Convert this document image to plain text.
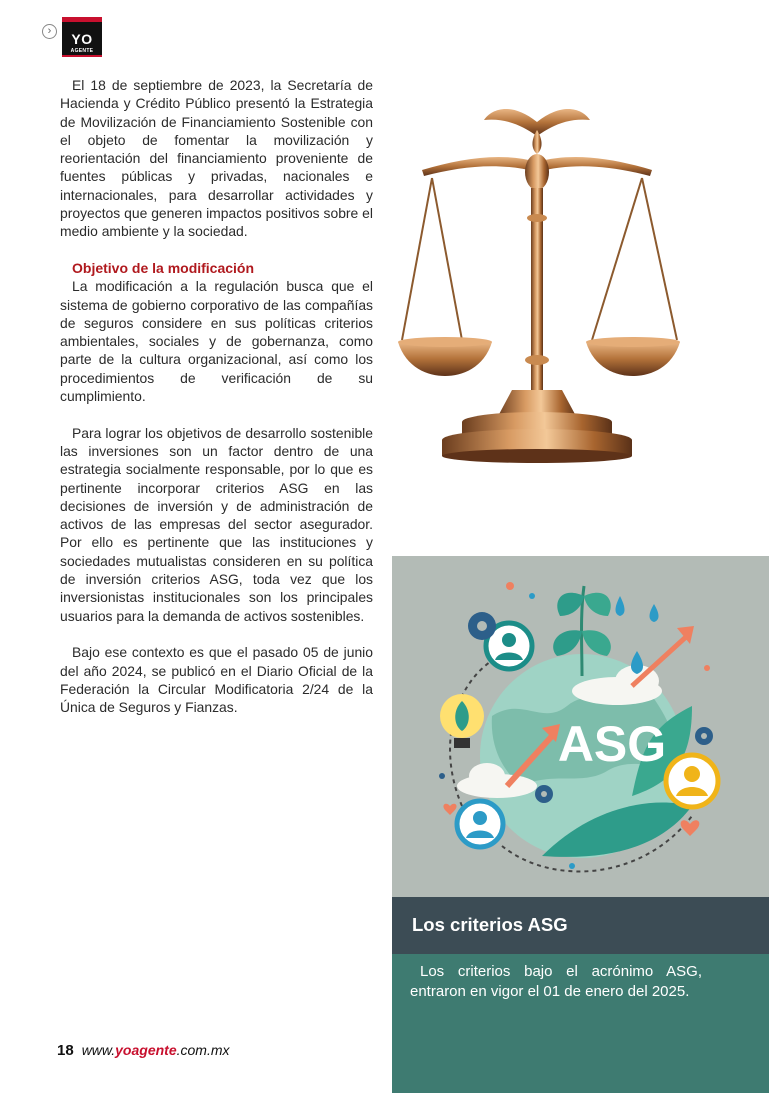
›	YO
AGENTE

El 18 de septiembre de 2023, la Secretaría de Hacienda y Crédito Público presentó la Estrategia de Movilización de Financiamiento Sostenible con el objeto de fomentar la movilización y reorientación del financiamiento proveniente de fuentes públicas y privadas, nacionales e internacionales, para desarrollar actividades y proyectos que generen impactos positivos sobre el medio ambiente y la sociedad.

Objetivo de la modificación

La modificación a la regulación busca que el sistema de gobierno corporativo de las compañías de seguros considere en sus políticas criterios ambientales, sociales y de gobernanza, como parte de la cultura organizacional, así como los procedimientos de verificación de su cumplimiento.

Para lograr los objetivos de desarrollo sostenible las inversiones son un factor dentro de una estrategia socialmente responsable, por lo que es pertinente incorporar criterios ASG en las decisiones de inversión y de administración de activos de las empresas del sector asegurador. Por ello es pertinente que las instituciones y sociedades mutualistas consideren en su política de inversión criterios ASG, toda vez que los inversionistas institucionales son los principales usuarios para la demanda de activos sostenibles.

Bajo ese contexto es que el pasado 05 de junio del año 2024, se publicó en el Diario Oficial de la Federación la Circular Modificatoria 2/24 de la Única de Seguros y Fianzas.

ASG
Los criterios ASG
Los criterios bajo el acrónimo ASG, entraron en vigor el 01 de enero del 2025.
18 www.yoagente.com.mx
